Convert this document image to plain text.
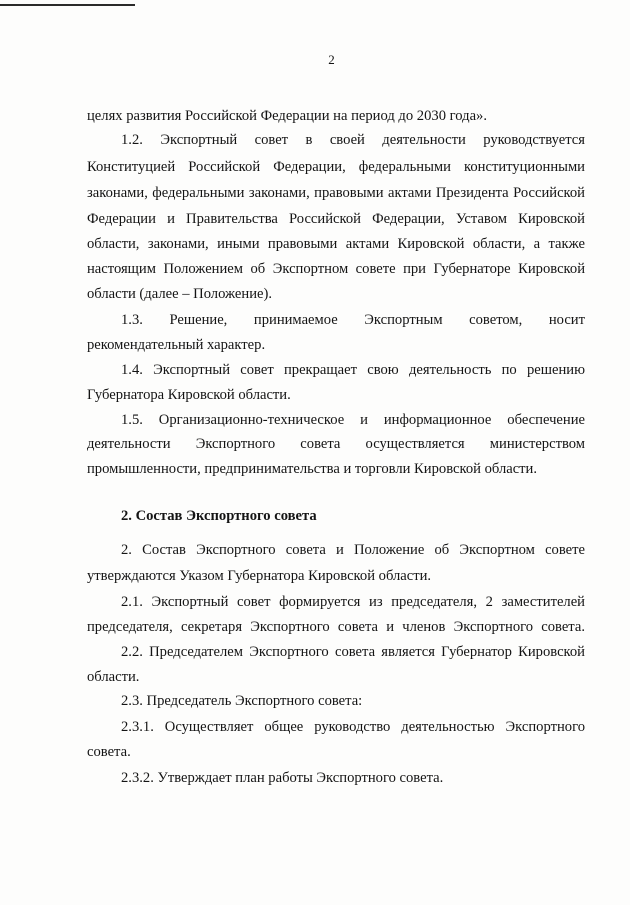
2
целях развития Российской Федерации на период до 2030 года».
1.2. Экспортный совет в своей деятельности руководствуется
Конституцией Российской Федерации, федеральными конституционными
законами, федеральными законами, правовыми актами Президента Российской
Федерации и Правительства Российской Федерации, Уставом Кировской
области, законами, иными правовыми актами Кировской области, а также
настоящим Положением об Экспортном совете при Губернаторе Кировской
области (далее – Положение).
1.3. Решение, принимаемое Экспортным советом, носит
рекомендательный характер.
1.4. Экспортный совет прекращает свою деятельность по решению
Губернатора Кировской области.
1.5. Организационно-техническое и информационное обеспечение
деятельности Экспортного совета осуществляется министерством
промышленности, предпринимательства и торговли Кировской области.
2. Состав Экспортного совета
2. Состав Экспортного совета и Положение об Экспортном совете
утверждаются Указом Губернатора Кировской области.
2.1. Экспортный совет формируется из председателя, 2 заместителей
председателя, секретаря Экспортного совета и членов Экспортного совета.
2.2. Председателем Экспортного совета является Губернатор Кировской
области.
2.3. Председатель Экспортного совета:
2.3.1. Осуществляет общее руководство деятельностью Экспортного
совета.
2.3.2. Утверждает план работы Экспортного совета.
